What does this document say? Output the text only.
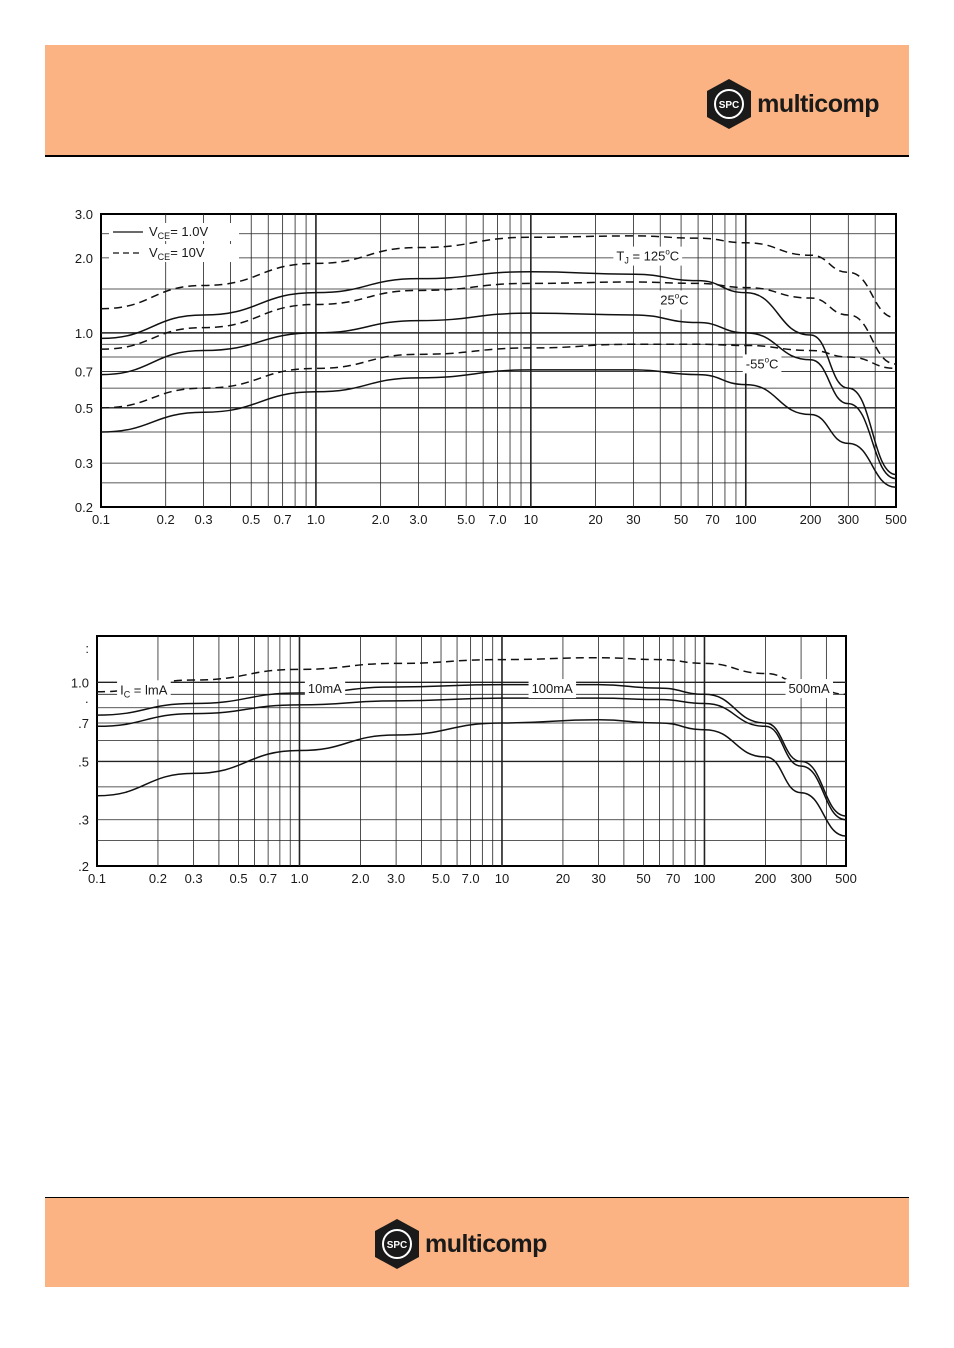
SPC multicomp
0.1	0.2 0.3 0.5 0.7 1.0	2.0 3.0 5.0 7.0 10	20 30	50 70 100	200 300 500
0.2
0.3
0.5
0.7
1.0
2.0
3.0
$V_{CE}= 1.0V$
$V_{CE}= 10V$	$T_J = 125^oC$
25$^o$C
-55$^o$C
0.1	0.2 0.3 0.5 0.7 1.0	2.0 3.0 5.0 7.0 10	20 30 50 70 100	200 300 500
.2
.3
.5
.7
·
1.0
:
$I_C$ = lmA	10mA	100mA	500mA
SPC multicomp
